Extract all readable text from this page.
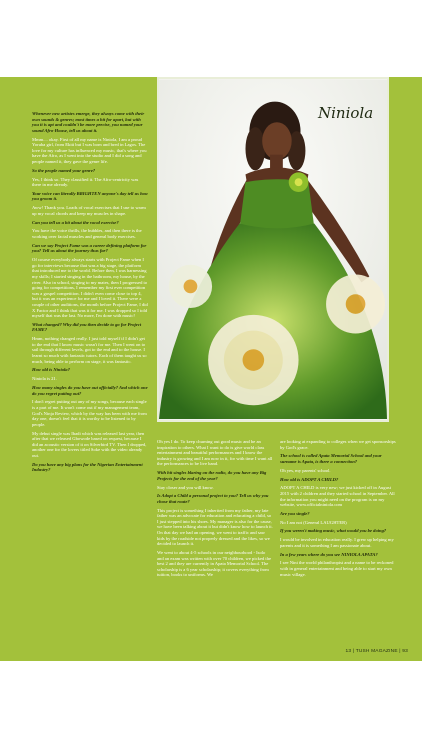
Whenever new artistes emerge, they always come with their own sounds & genres; most times a hit for apart, but with you it is apt and couldn't be more precise, you named your sound Afro-House, tell us about it.

Mmm.... okay. First of all my name is Niniola, I am a proud Yoruba girl, from Ekiti but I was born and bred in Lagos. The love for my culture has influenced my music, that's where you have the Afro, as I went into the studio and I did a song and people named it, they gave the genre life.

So the people named your genre?

Yes, I think so. They classified it. The Afro-centricity was there in me already.

Your voice can literally BRIGHTEN anyone's day tell us how you groom it.

Aww! Thank you. Loads of vocal exercises that I use to warm up my vocal chords and keep my muscles in shape.

Can you tell us a bit about the vocal exercise?

You have the voice thrills, the bubbles, and then there is the working over facial muscles and general body exercises.

Can we say Project Fame was a career defining platform for you? Tell us about the journey thus far?

Of course everybody always starts with Project Fame when I go for interviews because that was a big stage, the platform that introduced me to the world. Before then, I was harnessing my skills; I started singing in the bathroom, my house, by the river. Also in school, singing to my mates, then I progressed to going for competitions, I remember my first ever competition was a gospel competition. I didn't even come close to top 4, but it was an experience for me and I loved it. There were a couple of other auditions, the month before Project Fame, I did X Factor and I think that was it for me. I was dropped so I told myself that was the last. No more, I'm done with music!

What changed? Why did you then decide to go for Project FAME?

Hmm, nothing changed really. I just told myself if I didn't get to the end that I know music wasn't for me. Then I went on to sail through different levels, got to the end and to the house. I learnt so much with fantastic tutors. Each of them taught us so much, being able to perform on stage, it was fantastic.

How old is Niniola?

Niniola is 21.

How many singles do you have out officially? And which one do you regret putting out?

I don't regret putting out any of my songs, because each single is a part of me. It won't come out if my management team, God's Ninja Review, which by the way has been with me from day one, doesn't feel that it is worthy to be listened to by people.

My debut single was Ibadi which was released last year, then after that we released Gbowode based on request, because I did an acoustic version of it on Silverbird TV. Then I dropped, another one for the lovers titled Soke with the video already out.

Do you have any big plans for the Nigerian Entertainment Industry?

Niniola

Oh yes I do. To keep churning out good music and be an inspiration to others. What I want to do is give world class entertainment and beautiful performances and I know the industry is growing and I am now in it, for with time I want all the performances to be live band.

With hit singles blaring on the radio, do you have any Big Projects for the end of the year?

Stay closer and you will know.

Is Adopt a Child a personal project to you? Tell us why you chose that route?

This project is something I inherited from my father, my late father was an advocate for education and educating a child, so I just stepped into his shoes. My manager is also for the cause, we have been talking about it but didn't know how to launch it. On that day we had an opening, we went to traffic and saw kids by the roadside not properly dressed and the likes, so we decided to launch it.

We went to about 4-5 schools in our neighbourhood - Isolo and an exam was written with over 70 children, we picked the best 2 and they are currently in Apata Memorial School. The scholarship is a 6 year scholarship; it covers everything from tuition, books to uniforms. We

are looking at expanding to colleges when we get sponsorships by God's grace.

The school is called Apata Memorial School and your surname is Apata, is there a connection?

Oh yes, my parents' school.

How old is ADOPT A CHILD?

ADOPT A CHILD is very new; we just kicked off in August 2015 with 2 children and they started school in September. All the information you might need on the program is on my website, www.officialniniola.com

Are you single?

No I am not (General LAUGHTER)

If you weren't making music, what would you be doing?

I would be involved in education really. I grew up helping my parents and it is something I am passionate about.

In a few years where do you see NINIOLA APATA?

I see Nini the world philanthropist and a name to be reckoned with in general entertainment and being able to start my own music village.

13 | TUSH MAGAZINE | 93
